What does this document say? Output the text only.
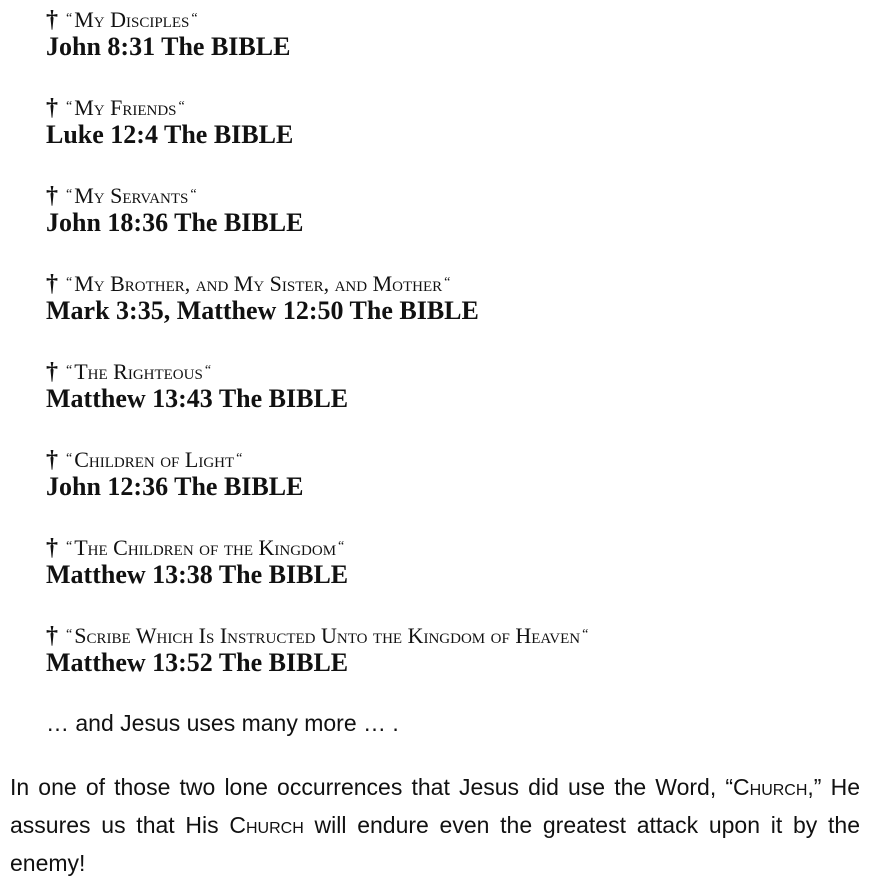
† “My Disciples “
John 8:31 The BIBLE
† “My Friends “
Luke 12:4 The BIBLE
† “My Servants “
John 18:36 The BIBLE
† “My Brother, and My Sister, and Mother “
Mark 3:35, Matthew 12:50 The BIBLE
† “The Righteous “
Matthew 13:43 The BIBLE
† “Children of Light “
John 12:36 The BIBLE
† “The Children of the Kingdom “
Matthew 13:38 The BIBLE
† “Scribe Which Is Instructed Unto the Kingdom of Heaven “
Matthew 13:52 The BIBLE
… and Jesus uses many more … .
In one of those two lone occurrences that Jesus did use the Word, “Church,” He assures us that His Church will endure even the greatest attack upon it by the enemy!
